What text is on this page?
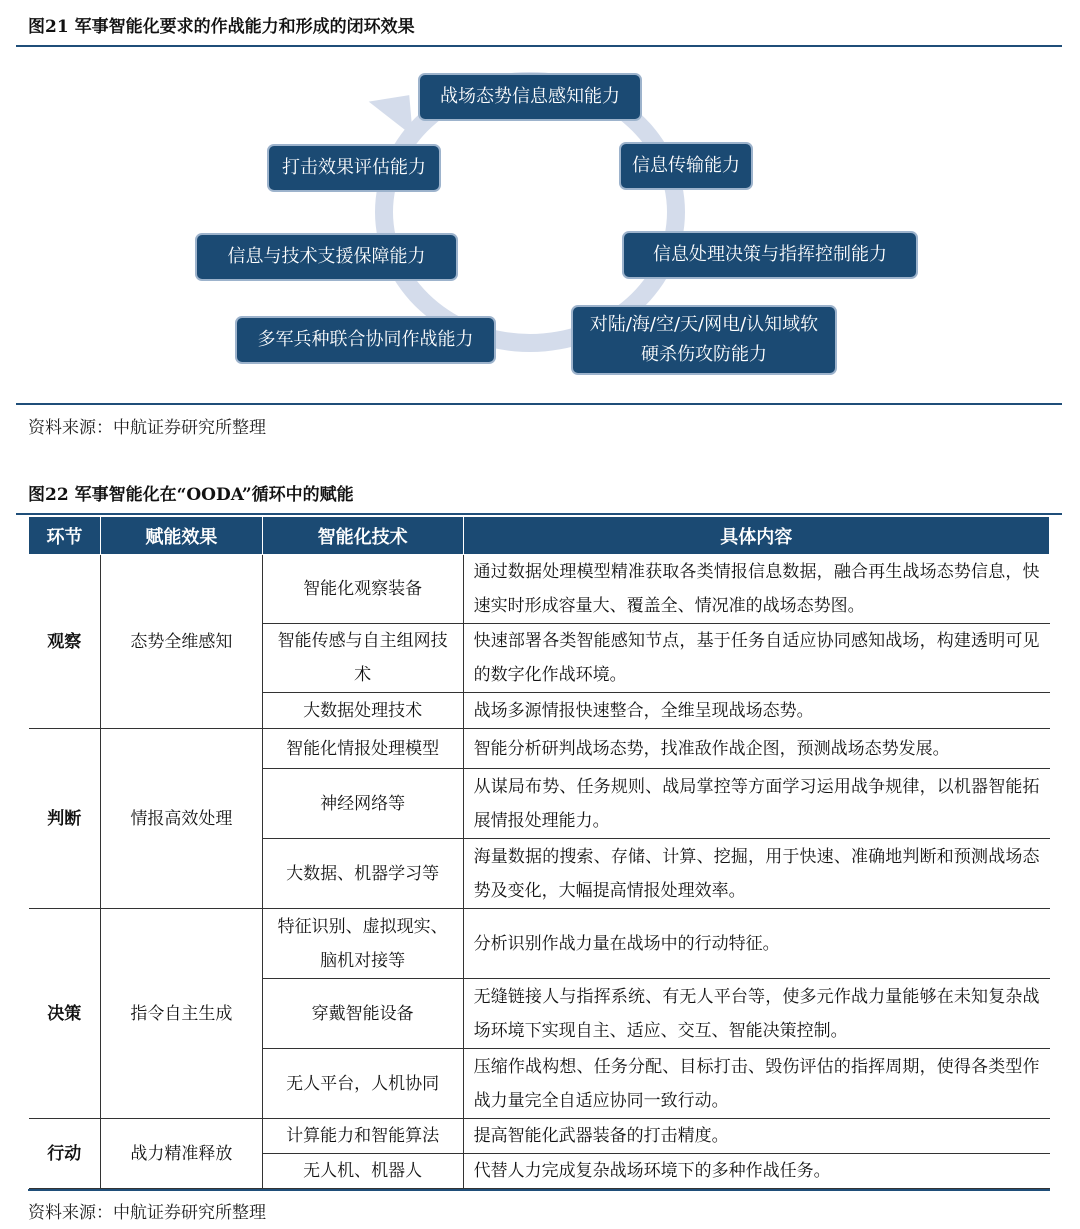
图21 军事智能化要求的作战能力和形成的闭环效果
战场态势信息感知能力
信息传输能力
信息处理决策与指挥控制能力
对陆/海/空/天/网电/认知域软
硬杀伤攻防能力
多军兵种联合协同作战能力
信息与技术支援保障能力
打击效果评估能力
资料来源：中航证券研究所整理
图22 军事智能化在“OODA”循环中的赋能
环节	赋能效果	智能化技术	具体内容
观察	态势全维感知	智能化观察装备	通过数据处理模型精准获取各类情报信息数据，融合再生战场态势信息，快速实时形成容量大、覆盖全、情况准的战场态势图。
		智能传感与自主组网技术	快速部署各类智能感知节点，基于任务自适应协同感知战场，构建透明可见的数字化作战环境。
		大数据处理技术	战场多源情报快速整合，全维呈现战场态势。
判断	情报高效处理	智能化情报处理模型	智能分析研判战场态势，找准敌作战企图，预测战场态势发展。
		神经网络等	从谋局布势、任务规则、战局掌控等方面学习运用战争规律，以机器智能拓展情报处理能力。
		大数据、机器学习等	海量数据的搜索、存储、计算、挖掘，用于快速、准确地判断和预测战场态势及变化，大幅提高情报处理效率。
决策	指令自主生成	特征识别、虚拟现实、脑机对接等	分析识别作战力量在战场中的行动特征。
		穿戴智能设备	无缝链接人与指挥系统、有无人平台等，使多元作战力量能够在未知复杂战场环境下实现自主、适应、交互、智能决策控制。
		无人平台，人机协同	压缩作战构想、任务分配、目标打击、毁伤评估的指挥周期，使得各类型作战力量完全自适应协同一致行动。
行动	战力精准释放	计算能力和智能算法	提高智能化武器装备的打击精度。
		无人机、机器人	代替人力完成复杂战场环境下的多种作战任务。
资料来源：中航证券研究所整理
